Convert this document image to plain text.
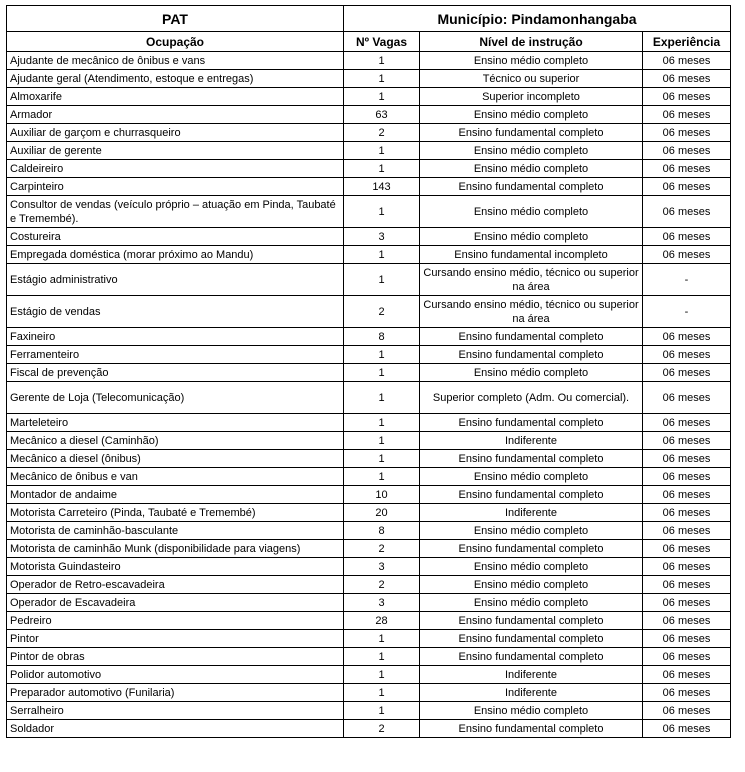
PAT	Município: Pindamonhangaba		
Ocupação	Nº Vagas	Nível de instrução	Experiência
Ajudante de mecânico de ônibus e vans	1	Ensino médio completo	06 meses
Ajudante geral (Atendimento, estoque e entregas)	1	Técnico ou superior	06 meses
Almoxarife	1	Superior incompleto	06 meses
Armador	63	Ensino médio completo	06 meses
Auxiliar de garçom e churrasqueiro	2	Ensino fundamental completo	06 meses
Auxiliar de gerente	1	Ensino médio completo	06 meses
Caldeireiro	1	Ensino médio completo	06 meses
Carpinteiro	143	Ensino fundamental completo	06 meses
Consultor de vendas (veículo próprio – atuação em Pinda, Taubaté e Tremembé).	1	Ensino médio completo	06 meses
Costureira	3	Ensino médio completo	06 meses
Empregada doméstica (morar próximo ao Mandu)	1	Ensino fundamental incompleto	06 meses
Estágio administrativo	1	Cursando ensino médio, técnico ou superior na área	-
Estágio de vendas	2	Cursando ensino médio, técnico ou superior na área	-
Faxineiro	8	Ensino fundamental completo	06 meses
Ferramenteiro	1	Ensino fundamental completo	06 meses
Fiscal de prevenção	1	Ensino médio completo	06 meses
Gerente de Loja (Telecomunicação)	1	Superior completo (Adm. Ou comercial).	06 meses
Marteleteiro	1	Ensino fundamental completo	06 meses
Mecânico a diesel (Caminhão)	1	Indiferente	06 meses
Mecânico a diesel (ônibus)	1	Ensino fundamental completo	06 meses
Mecânico de ônibus e van	1	Ensino médio completo	06 meses
Montador de andaime	10	Ensino fundamental completo	06 meses
Motorista Carreteiro (Pinda, Taubaté e Tremembé)	20	Indiferente	06 meses
Motorista de caminhão-basculante	8	Ensino médio completo	06 meses
Motorista de caminhão Munk (disponibilidade para viagens)	2	Ensino fundamental completo	06 meses
Motorista Guindasteiro	3	Ensino médio completo	06 meses
Operador de Retro-escavadeira	2	Ensino médio completo	06 meses
Operador de Escavadeira	3	Ensino médio completo	06 meses
Pedreiro	28	Ensino fundamental completo	06 meses
Pintor	1	Ensino fundamental completo	06 meses
Pintor de obras	1	Ensino fundamental completo	06 meses
Polidor automotivo	1	Indiferente	06 meses
Preparador automotivo (Funilaria)	1	Indiferente	06 meses
Serralheiro	1	Ensino médio completo	06 meses
Soldador	2	Ensino fundamental completo	06 meses
